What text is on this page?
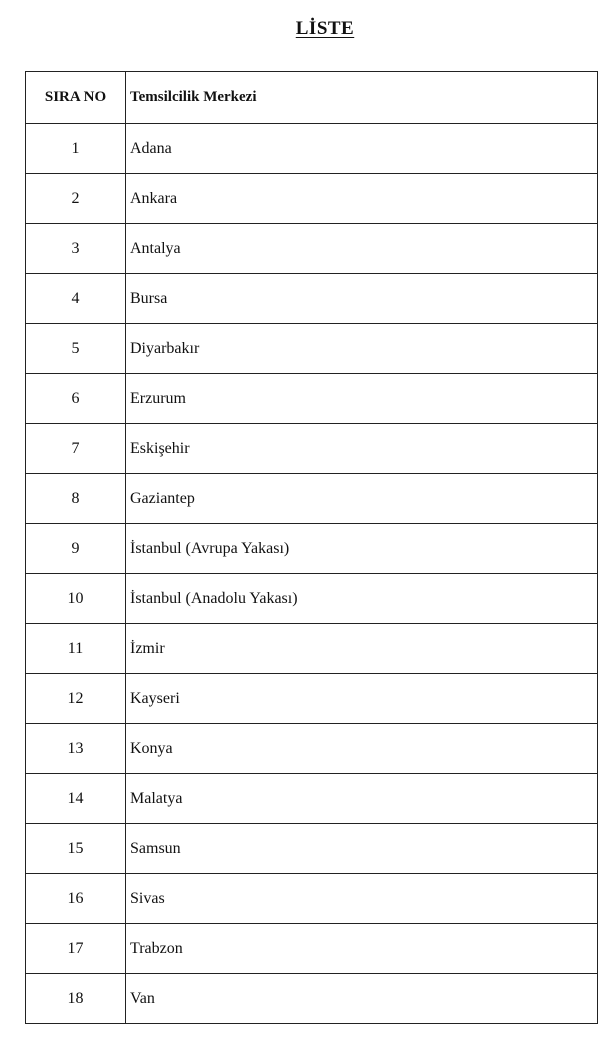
LİSTE
SIRA NO	Temsilcilik Merkezi
1	Adana
2	Ankara
3	Antalya
4	Bursa
5	Diyarbakır
6	Erzurum
7	Eskişehir
8	Gaziantep
9	İstanbul (Avrupa Yakası)
10	İstanbul (Anadolu Yakası)
11	İzmir
12	Kayseri
13	Konya
14	Malatya
15	Samsun
16	Sivas
17	Trabzon
18	Van
